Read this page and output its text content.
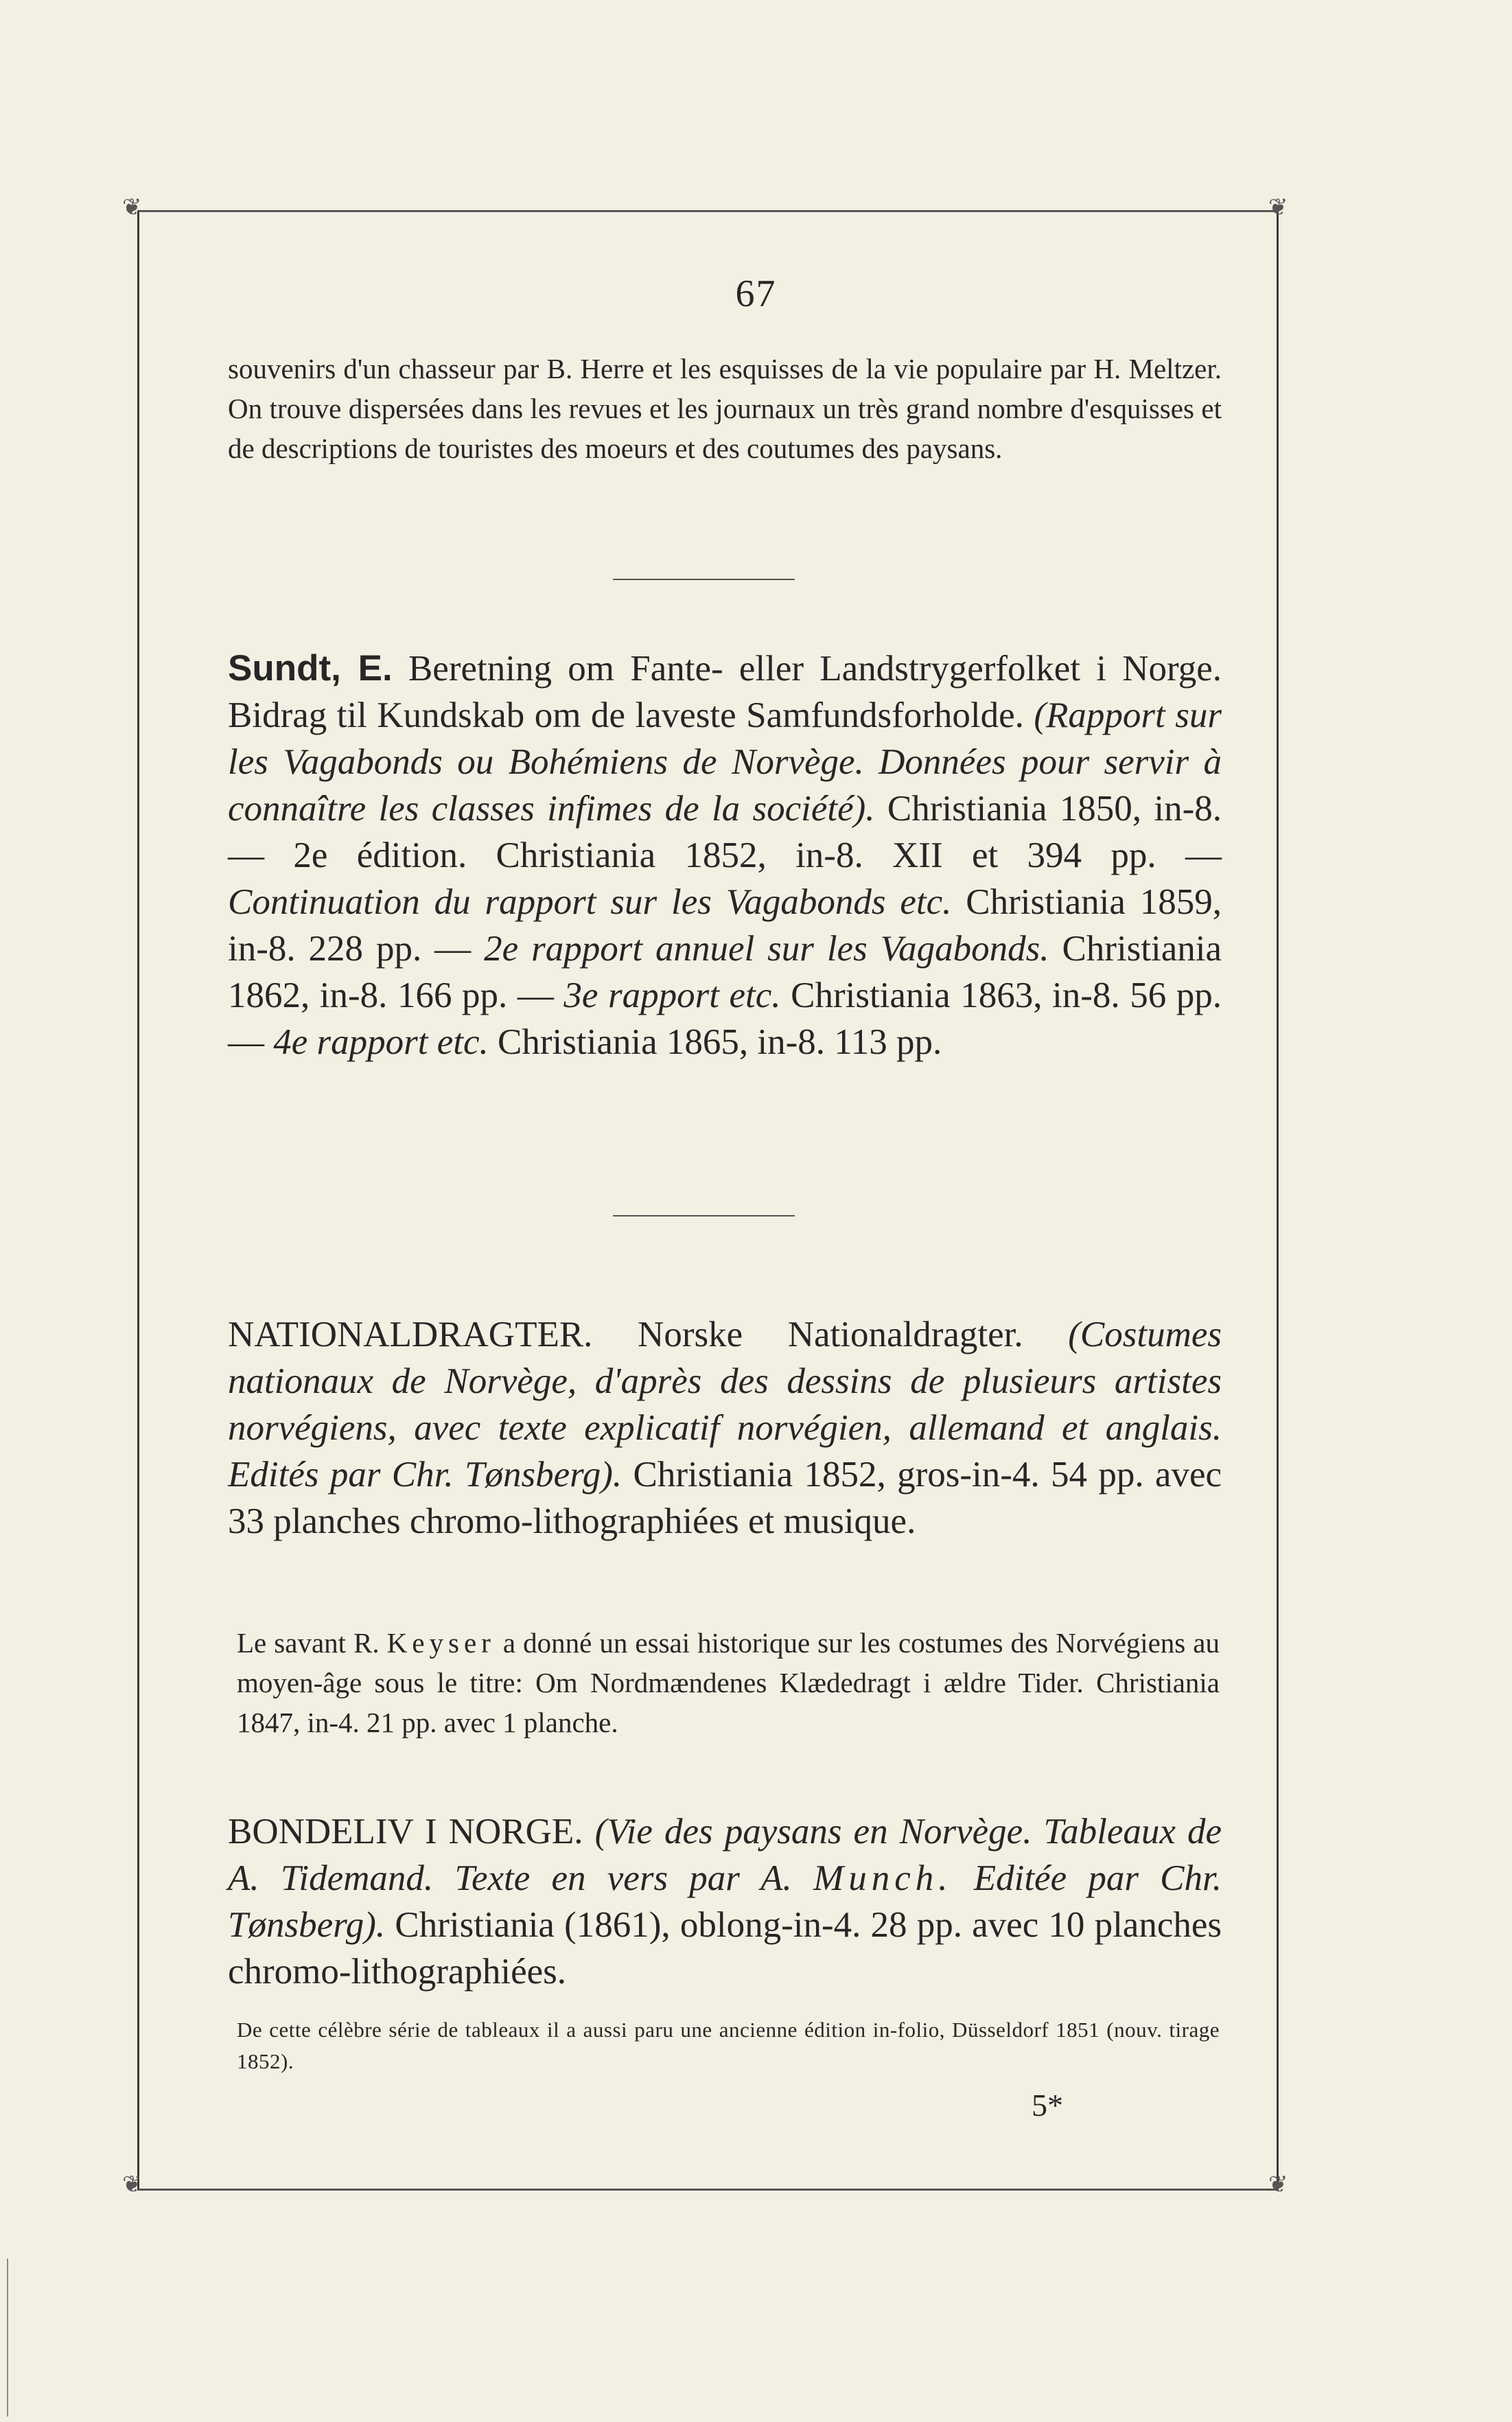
❦	❦
❦	❦
67

souvenirs d'un chasseur par B. Herre et les esquisses de la vie populaire par H. Meltzer. On trouve dispersées dans les revues et les journaux un très grand nombre d'esquisses et de descriptions de touristes des moeurs et des coutumes des paysans.

Sundt, E. Beretning om Fante- eller Landstrygerfolket i Norge. Bidrag til Kundskab om de laveste Samfundsforholde. (Rapport sur les Vagabonds ou Bohémiens de Norvège. Données pour servir à connaître les classes infimes de la société). Christiania 1850, in-8. — 2e édition. Christiania 1852, in-8. XII et 394 pp. — Continuation du rapport sur les Vagabonds etc. Christiania 1859, in-8. 228 pp. — 2e rapport annuel sur les Vagabonds. Christiania 1862, in-8. 166 pp. — 3e rapport etc. Christiania 1863, in-8. 56 pp. — 4e rapport etc. Christiania 1865, in-8. 113 pp.

NATIONALDRAGTER. Norske Nationaldragter. (Costumes nationaux de Norvège, d'après des dessins de plusieurs artistes norvégiens, avec texte explicatif norvégien, allemand et anglais. Edités par Chr. Tønsberg). Christiania 1852, gros-in-4. 54 pp. avec 33 planches chromo-lithographiées et musique.

Le savant R. Keyser a donné un essai historique sur les costumes des Norvégiens au moyen-âge sous le titre: Om Nordmændenes Klædedragt i ældre Tider. Christiania 1847, in-4. 21 pp. avec 1 planche.

BONDELIV I NORGE. (Vie des paysans en Norvège. Tableaux de A. Tidemand. Texte en vers par A. Munch. Editée par Chr. Tønsberg). Christiania (1861), oblong-in-4. 28 pp. avec 10 planches chromo-lithographiées.

De cette célèbre série de tableaux il a aussi paru une ancienne édition in-folio, Düsseldorf 1851 (nouv. tirage 1852).

5*
